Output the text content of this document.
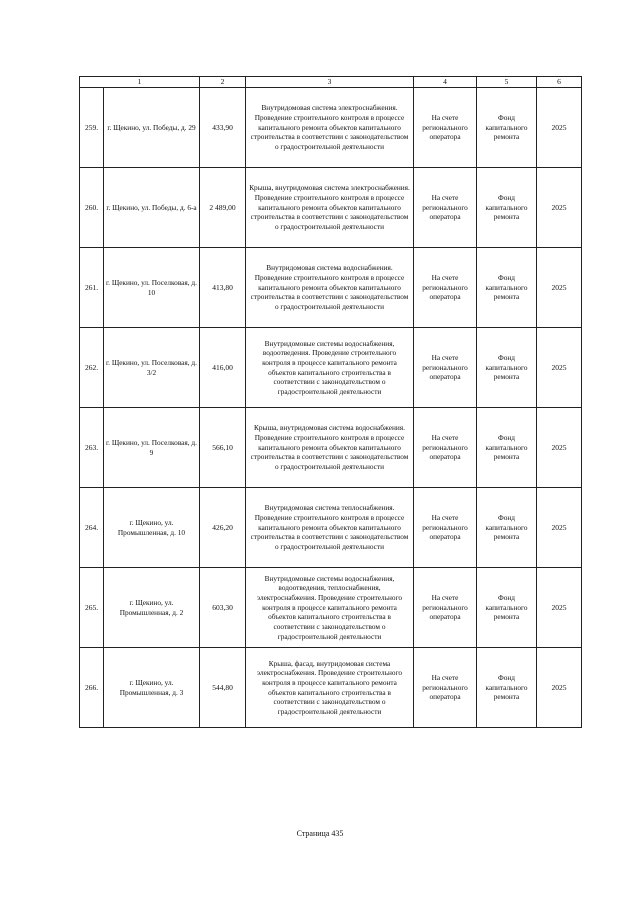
1		2	3	4	5	6
259.	г. Щекино, ул. Победы, д. 29	433,90	Внутридомовая система электроснабжения. Проведение строительного контроля в процессе капитального ремонта объектов капитального строительства в соответствии с законодательством о градостроительной деятельности	На счете регионального оператора	Фонд капитального ремонта	2025
260.	г. Щекино, ул. Победы, д. 6-а	2 489,00	Крыша, внутридомовая система электроснабжения. Проведение строительного контроля в процессе капитального ремонта объектов капитального строительства в соответствии с законодательством о градостроительной деятельности	На счете регионального оператора	Фонд капитального ремонта	2025
261.	г. Щекино, ул. Поселковая, д. 10	413,80	Внутридомовая система водоснабжения. Проведение строительного контроля в процессе капитального ремонта объектов капитального строительства в соответствии с законодательством о градостроительной деятельности	На счете регионального оператора	Фонд капитального ремонта	2025
262.	г. Щекино, ул. Поселковая, д. 3/2	416,00	Внутридомовые системы водоснабжения, водоотведения. Проведение строительного контроля в процессе капитального ремонта объектов капитального строительства в соответствии с законодательством о градостроительной деятельности	На счете регионального оператора	Фонд капитального ремонта	2025
263.	г. Щекино, ул. Поселковая, д. 9	566,10	Крыша, внутридомовая система водоснабжения. Проведение строительного контроля в процессе капитального ремонта объектов капитального строительства в соответствии с законодательством о градостроительной деятельности	На счете регионального оператора	Фонд капитального ремонта	2025
264.	г. Щекино, ул. Промышленная, д. 10	426,20	Внутридомовая система теплоснабжения. Проведение строительного контроля в процессе капитального ремонта объектов капитального строительства в соответствии с законодательством о градостроительной деятельности	На счете регионального оператора	Фонд капитального ремонта	2025
265.	г. Щекино, ул. Промышленная, д. 2	603,30	Внутридомовые системы водоснабжения, водоотведения, теплоснабжения, электроснабжения. Проведение строительного контроля в процессе капитального ремонта объектов капитального строительства в соответствии с законодательством о градостроительной деятельности	На счете регионального оператора	Фонд капитального ремонта	2025
266.	г. Щекино, ул. Промышленная, д. 3	544,80	Крыша, фасад, внутридомовая система электроснабжения. Проведение строительного контроля в процессе капитального ремонта объектов капитального строительства в соответствии с законодательством о градостроительной деятельности	На счете регионального оператора	Фонд капитального ремонта	2025
Страница 435
